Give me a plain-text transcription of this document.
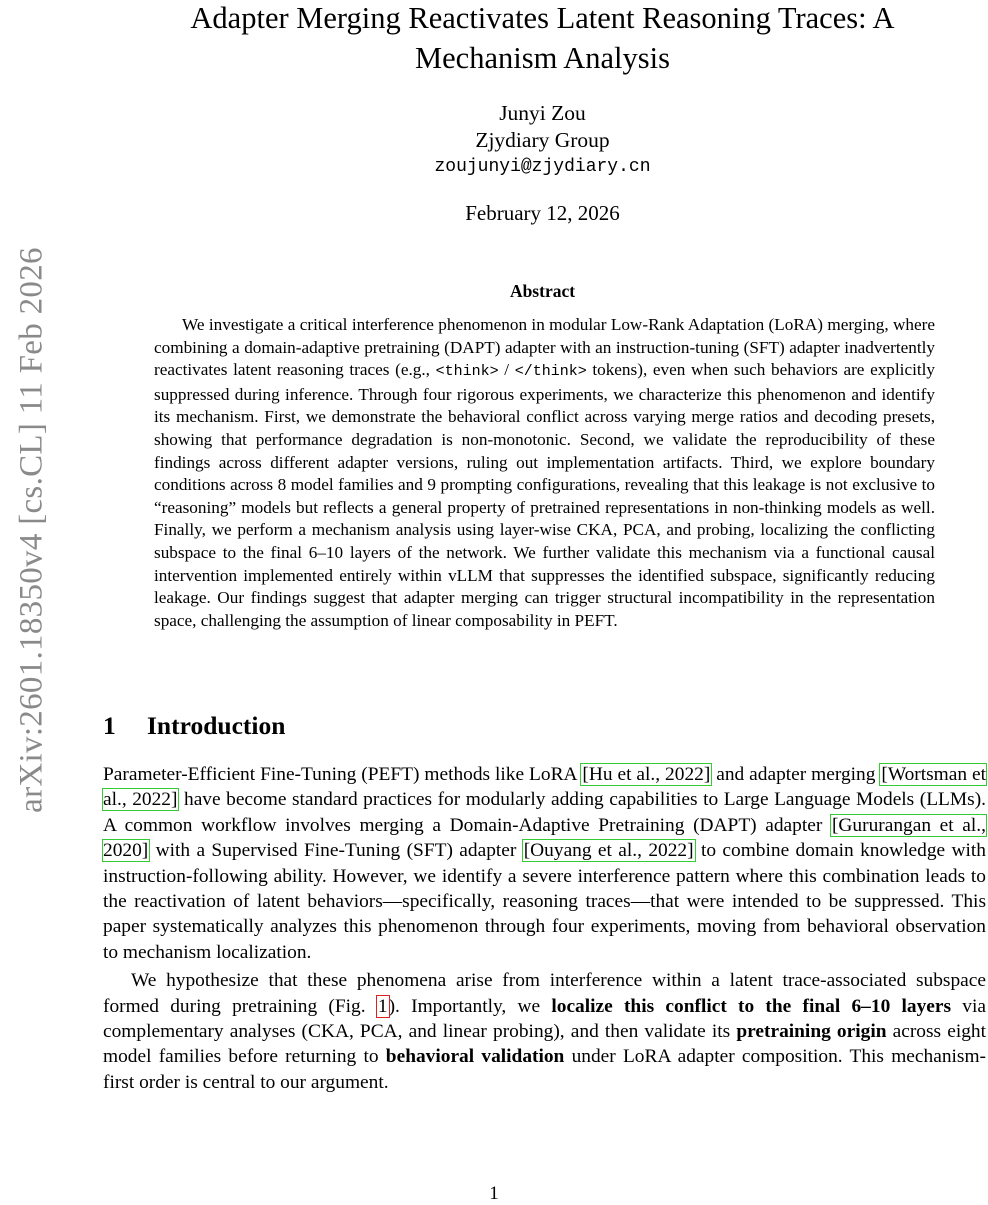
arXiv:2601.18350v4 [cs.CL] 11 Feb 2026
Adapter Merging Reactivates Latent Reasoning Traces: A
Mechanism Analysis
Junyi Zou
Zjydiary Group
zoujunyi@zjydiary.cn
February 12, 2026
Abstract
We investigate a critical interference phenomenon in modular Low-Rank Adaptation (LoRA) merging, where combining a domain-adaptive pretraining (DAPT) adapter with an instruction-tuning (SFT) adapter inadvertently reactivates latent reasoning traces (e.g., <think> / </think> tokens), even when such behaviors are explicitly suppressed during inference. Through four rigorous experiments, we characterize this phenomenon and identify its mechanism. First, we demonstrate the behavioral conflict across varying merge ratios and decoding presets, showing that performance degradation is non-monotonic. Second, we validate the reproducibility of these findings across different adapter versions, ruling out implementation artifacts. Third, we explore boundary conditions across 8 model families and 9 prompting configurations, revealing that this leakage is not exclusive to “reasoning” models but reflects a general property of pretrained representations in non-thinking models as well. Finally, we perform a mechanism analysis using layer-wise CKA, PCA, and probing, localizing the conflicting subspace to the final 6–10 layers of the network. We further validate this mechanism via a functional causal intervention implemented entirely within vLLM that suppresses the identified subspace, significantly reducing leakage. Our findings suggest that adapter merging can trigger structural incompatibility in the representation space, challenging the assumption of linear composability in PEFT.
1 Introduction

Parameter-Efficient Fine-Tuning (PEFT) methods like LoRA [Hu et al., 2022] and adapter merging [Wortsman et al., 2022] have become standard practices for modularly adding capabilities to Large Language Models (LLMs). A common workflow involves merging a Domain-Adaptive Pretraining (DAPT) adapter [Gururangan et al., 2020] with a Supervised Fine-Tuning (SFT) adapter [Ouyang et al., 2022] to combine domain knowledge with instruction-following ability. However, we identify a severe interference pattern where this combination leads to the reactivation of latent behaviors—specifically, reasoning traces—that were intended to be suppressed. This paper systematically analyzes this phenomenon through four experiments, moving from behavioral observation to mechanism localization.

We hypothesize that these phenomena arise from interference within a latent trace-associated subspace formed during pretraining (Fig. 1). Importantly, we localize this conflict to the final 6–10 layers via complementary analyses (CKA, PCA, and linear probing), and then validate its pretraining origin across eight model families before returning to behavioral validation under LoRA adapter composition. This mechanism-first order is central to our argument.

1
